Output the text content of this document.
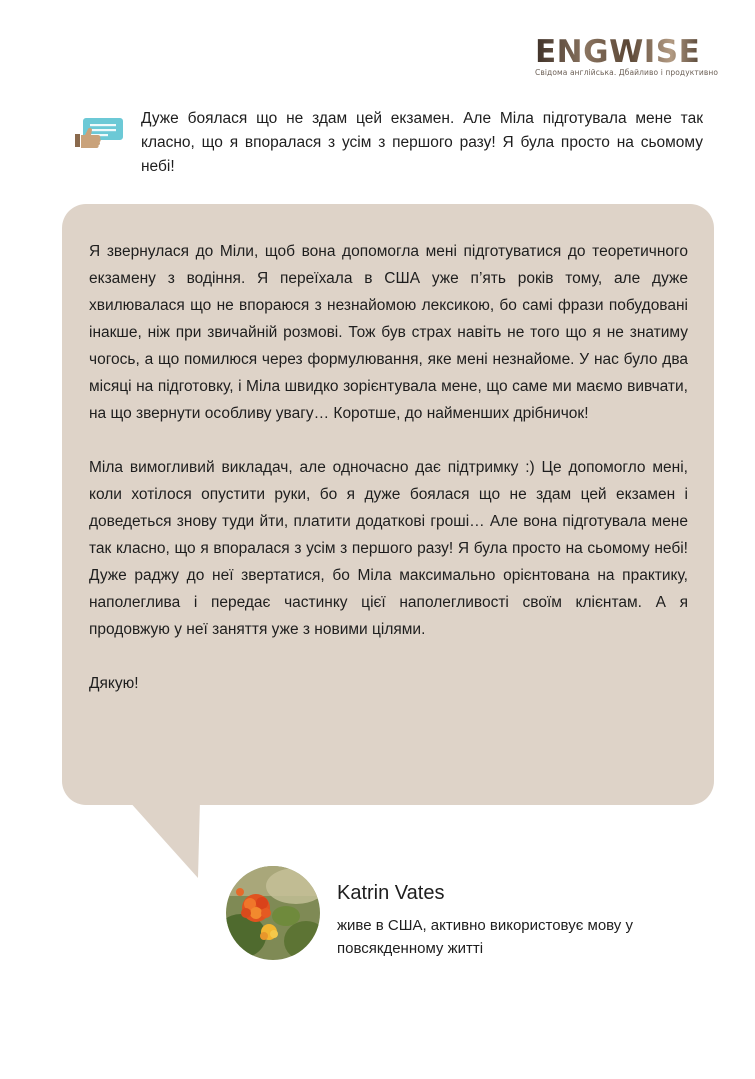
ENGWISE
Свідома англійська. Дбайливо і продуктивно

Дуже боялася що не здам цей екзамен. Але Міла підготувала мене так класно, що я впоралася з усім з першого разу! Я була просто на сьомому небі!

Я звернулася до Міли, щоб вона допомогла мені підготуватися до теоретичного екзамену з водіння. Я переїхала в США уже п’ять років тому, але дуже хвилювалася що не впораюся з незнайомою лексикою, бо самі фрази побудовані інакше, ніж при звичайній розмові. Тож був страх навіть не того що я не знатиму чогось, а що помилюся через формулювання, яке мені незнайоме. У нас було два місяці на підготовку, і Міла швидко зорієнтувала мене, що саме ми маємо вивчати, на що звернути особливу увагу… Коротше, до найменших дрібничок!

Міла вимогливий викладач, але одночасно дає підтримку :) Це допомогло мені, коли хотілося опустити руки, бо я дуже боялася що не здам цей екзамен і доведеться знову туди йти, платити додаткові гроші… Але вона підготувала мене так класно, що я впоралася з усім з першого разу! Я була просто на сьомому небі! Дуже раджу до неї звертатися, бо Міла максимально орієнтована на практику, наполеглива і передає частинку цієї наполегливості своїм клієнтам. А я продовжую у неї заняття уже з новими цілями.

Дякую!

Katrin Vates

живе в США, активно використовує мову у повсякденному житті
